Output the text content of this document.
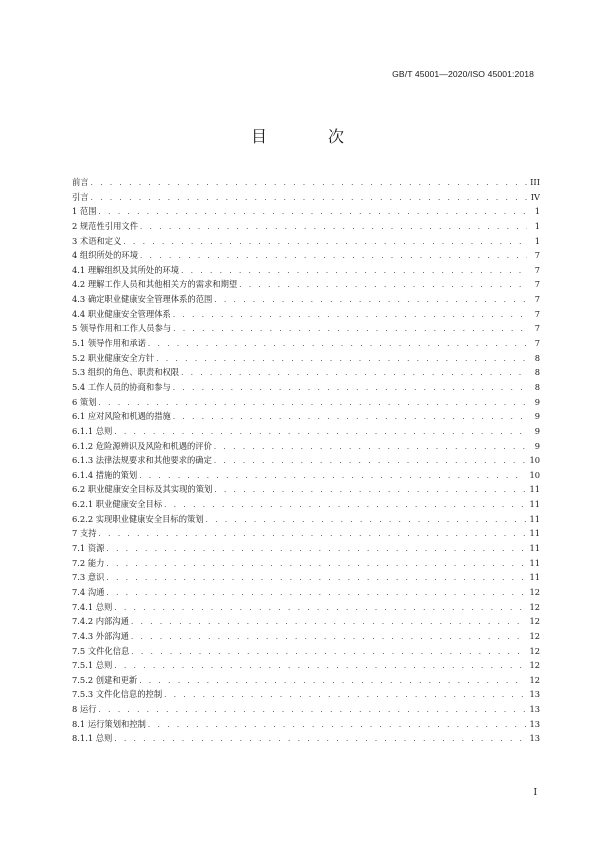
GB/T 45001—2020/ISO 45001:2018
目 次
前言 . . .	III
引言 . . .	IV
1 范围 . . .	1
2 规范性引用文件 . . .	1
3 术语和定义 . . .	1
4 组织所处的环境 . . .	7
4.1 理解组织及其所处的环境 . . .	7
4.2 理解工作人员和其他相关方的需求和期望 . . .	7
4.3 确定职业健康安全管理体系的范围 . . .	7
4.4 职业健康安全管理体系 . . .	7
5 领导作用和工作人员参与 . . .	7
5.1 领导作用和承诺 . . .	7
5.2 职业健康安全方针 . . .	8
5.3 组织的角色、职责和权限 . . .	8
5.4 工作人员的协商和参与 . . .	8
6 策划 . . .	9
6.1 应对风险和机遇的措施 . . .	9
6.1.1 总则 . . .	9
6.1.2 危险源辨识及风险和机遇的评价 . . .	9
6.1.3 法律法规要求和其他要求的确定 . . .	10
6.1.4 措施的策划 . . .	10
6.2 职业健康安全目标及其实现的策划 . . .	11
6.2.1 职业健康安全目标 . . .	11
6.2.2 实现职业健康安全目标的策划 . . .	11
7 支持 . . .	11
7.1 资源 . . .	11
7.2 能力 . . .	11
7.3 意识 . . .	11
7.4 沟通 . . .	12
7.4.1 总则 . . .	12
7.4.2 内部沟通 . . .	12
7.4.3 外部沟通 . . .	12
7.5 文件化信息 . . .	12
7.5.1 总则 . . .	12
7.5.2 创建和更新 . . .	12
7.5.3 文件化信息的控制 . . .	13
8 运行 . . .	13
8.1 运行策划和控制 . . .	13
8.1.1 总则 . . .	13
I
